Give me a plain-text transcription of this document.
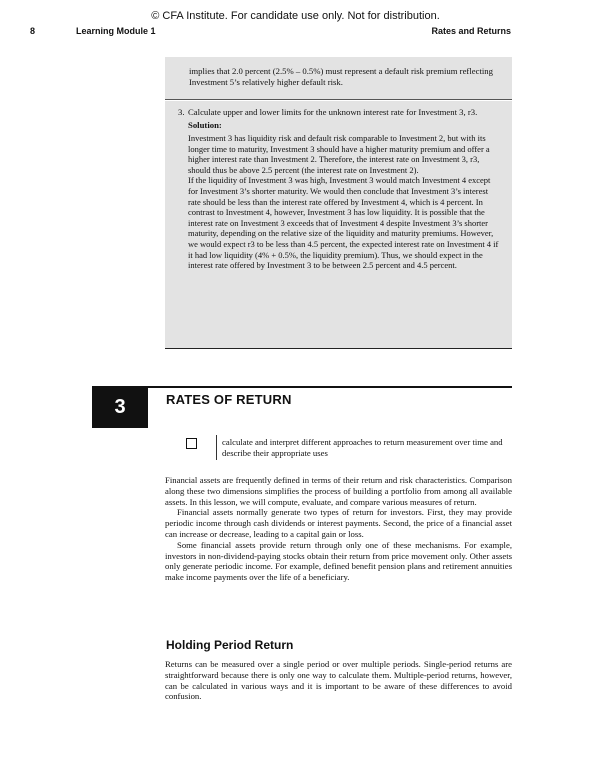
© CFA Institute. For candidate use only. Not for distribution.
8	Learning Module 1	Rates and Returns

implies that 2.0 percent (2.5% – 0.5%) must represent a default risk premium reflecting Investment 5’s relatively higher default risk.

3. Calculate upper and lower limits for the unknown interest rate for Investment 3, r3.
Solution:

Investment 3 has liquidity risk and default risk comparable to Investment 2, but with its longer time to maturity, Investment 3 should have a higher maturity premium and offer a higher interest rate than Investment 2. Therefore, the interest rate on Investment 3, r3, should thus be above 2.5 percent (the interest rate on Investment 2).

If the liquidity of Investment 3 was high, Investment 3 would match Investment 4 except for Investment 3’s shorter maturity. We would then conclude that Investment 3’s interest rate should be less than the interest rate offered by Investment 4, which is 4 percent. In contrast to Investment 4, however, Investment 3 has low liquidity. It is possible that the interest rate on Investment 3 exceeds that of Investment 4 despite Investment 3’s shorter maturity, depending on the relative size of the liquidity and maturity premiums. However, we would expect r3 to be less than 4.5 percent, the expected interest rate on Investment 4 if it had low liquidity (4% + 0.5%, the liquidity premium). Thus, we should expect in the interest rate offered by Investment 3 to be between 2.5 percent and 4.5 percent.

3	RATES OF RETURN
calculate and interpret different approaches to return measurement over time and describe their appropriate uses

Financial assets are frequently defined in terms of their return and risk characteristics. Comparison along these two dimensions simplifies the process of building a portfolio from among all available assets. In this lesson, we will compute, evaluate, and compare various measures of return.

Financial assets normally generate two types of return for investors. First, they may provide periodic income through cash dividends or interest payments. Second, the price of a financial asset can increase or decrease, leading to a capital gain or loss.

Some financial assets provide return through only one of these mechanisms. For example, investors in non-dividend-paying stocks obtain their return from price movement only. Other assets only generate periodic income. For example, defined benefit pension plans and retirement annuities make income payments over the life of a beneficiary.

Holding Period Return

Returns can be measured over a single period or over multiple periods. Single-period returns are straightforward because there is only one way to calculate them. Multiple-period returns, however, can be calculated in various ways and it is important to be aware of these differences to avoid confusion.
